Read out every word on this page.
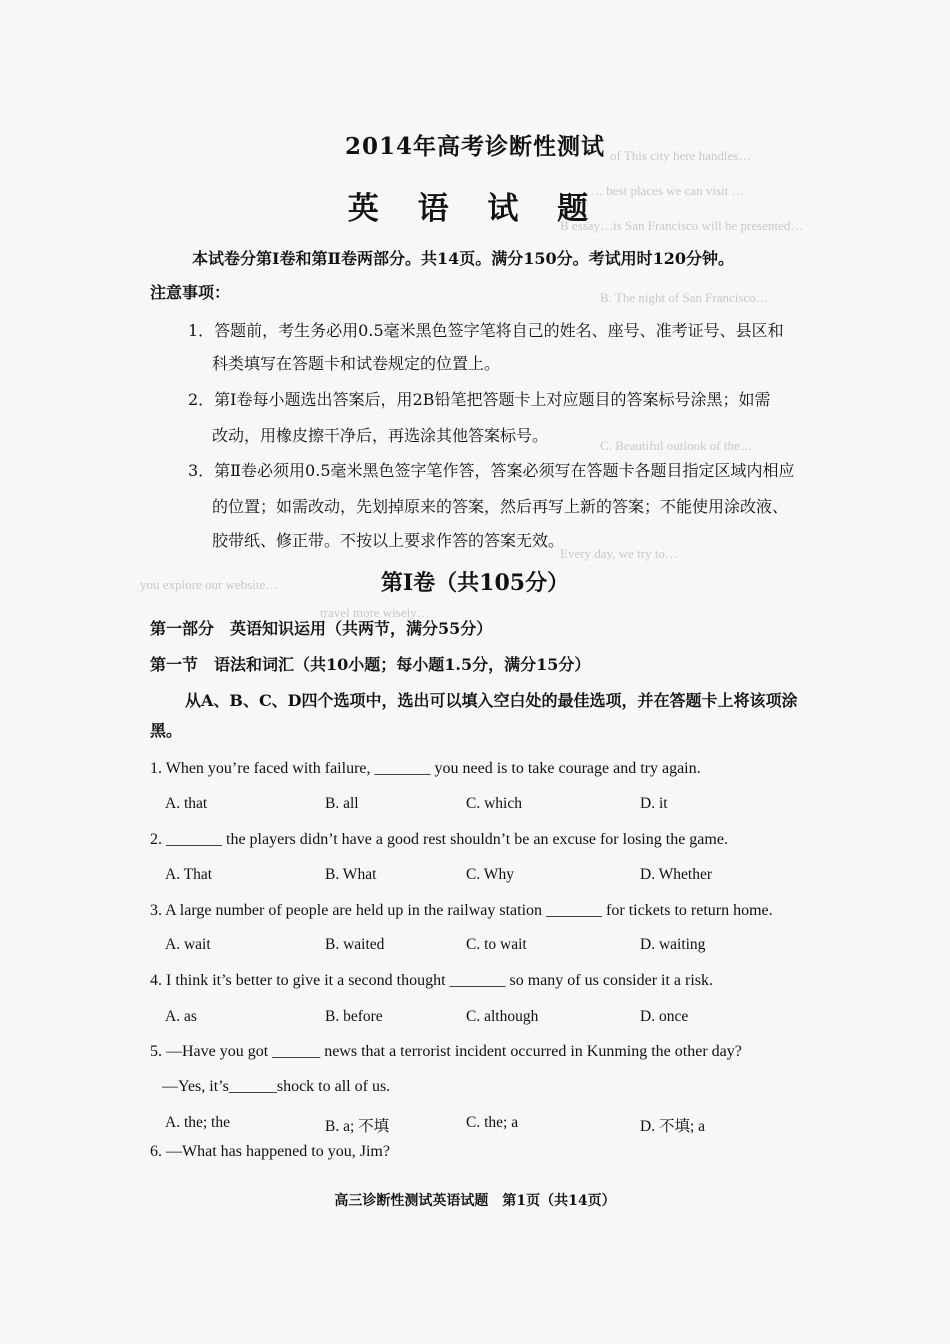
of This city here handles…
… best places we can visit …
B essay…is San Francisco will be presented…
B. The night of San Francisco…
C. Beautiful outlook of the…
Every day, we try to…
you explore our website…
travel more wisely…
2014年高考诊断性测试
英 语 试 题
本试卷分第Ⅰ卷和第Ⅱ卷两部分。共14页。满分150分。考试用时120分钟。
注意事项：
1．答题前，考生务必用0.5毫米黑色签字笔将自己的姓名、座号、准考证号、县区和
科类填写在答题卡和试卷规定的位置上。
2．第Ⅰ卷每小题选出答案后，用2B铅笔把答题卡上对应题目的答案标号涂黑；如需
改动，用橡皮擦干净后，再选涂其他答案标号。
3．第Ⅱ卷必须用0.5毫米黑色签字笔作答，答案必须写在答题卡各题目指定区域内相应
的位置；如需改动，先划掉原来的答案，然后再写上新的答案；不能使用涂改液、
胶带纸、修正带。不按以上要求作答的答案无效。
第Ⅰ卷（共105分）
第一部分　英语知识运用（共两节，满分55分）
第一节　语法和词汇（共10小题；每小题1.5分，满分15分）
从A、B、C、D四个选项中，选出可以填入空白处的最佳选项，并在答题卡上将该项涂
黑。
1. When you’re faced with failure, _______ you need is to take courage and try again.
A. that	B. all	C. which	D. it
2. _______ the players didn’t have a good rest shouldn’t be an excuse for losing the game.
A. That	B. What	C. Why	D. Whether
3. A large number of people are held up in the railway station _______ for tickets to return home.
A. wait	B. waited	C. to wait	D. waiting
4. I think it’s better to give it a second thought _______ so many of us consider it a risk.
A. as	B. before	C. although	D. once
5. —Have you got ______ news that a terrorist incident occurred in Kunming the other day?
—Yes, it’s______shock to all of us.
A. the; the	B. a; 不填	C. the; a	D. 不填; a
6. —What has happened to you, Jim?
高三诊断性测试英语试题　第1页（共14页）
